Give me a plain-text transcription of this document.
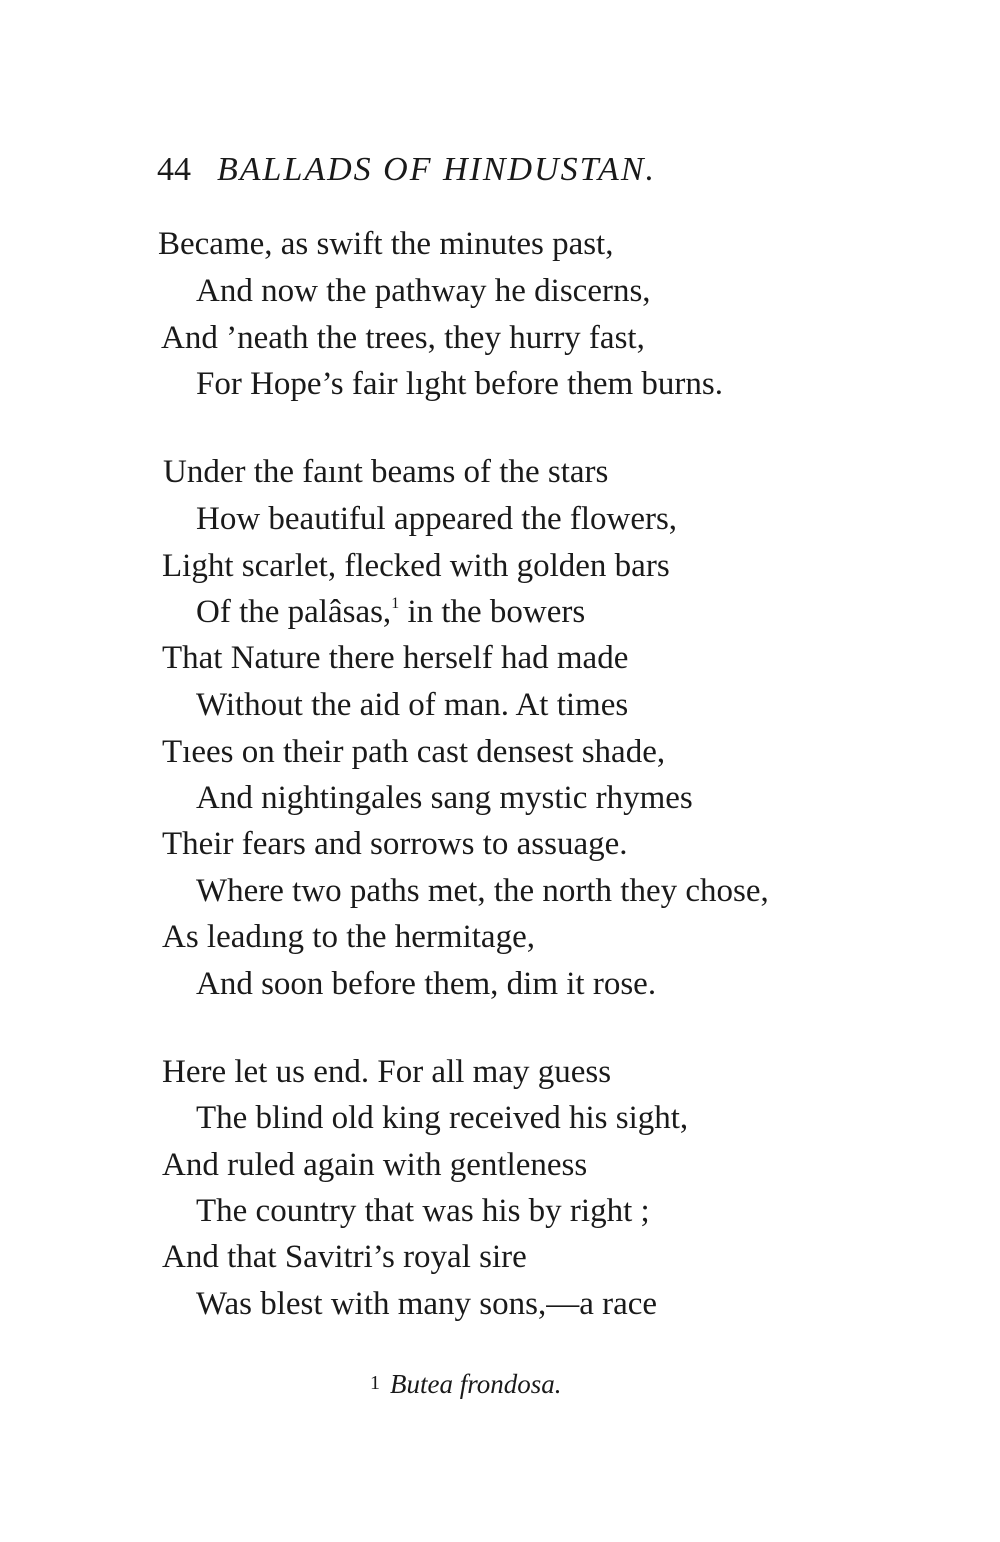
44 BALLADS OF HINDUSTAN.
Became, as swift the minutes past,
And now the pathway he discerns,
And ’neath the trees, they hurry fast,
For Hope’s fair lıght before them burns.
Under the faınt beams of the stars
How beautiful appeared the flowers,
Light scarlet, flecked with golden bars
Of the palâsas,$^1$ in the bowers
That Nature there herself had made
Without the aid of man. At times
Tıees on their path cast densest shade,
And nightingales sang mystic rhymes
Their fears and sorrows to assuage.
Where two paths met, the north they chose,
As leadıng to the hermitage,
And soon before them, dim it rose.
Here let us end. For all may guess
The blind old king received his sight,
And ruled again with gentleness
The country that was his by right ;
And that Savitri’s royal sire
Was blest with many sons,—a race
1 Butea frondosa.
